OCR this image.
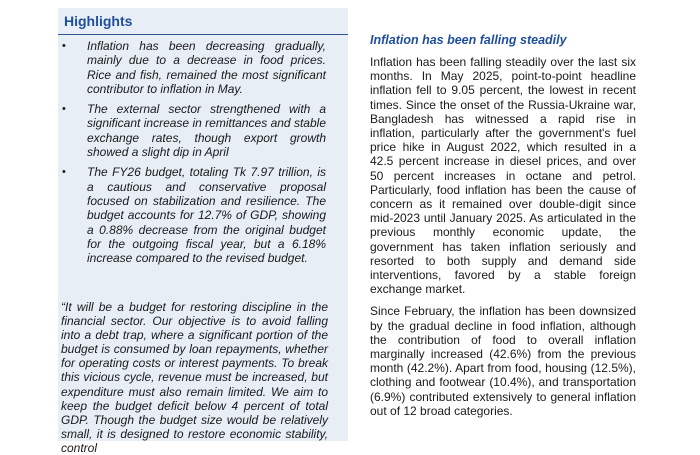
Highlights
• Inflation has been decreasing gradually, mainly due to a decrease in food prices. Rice and fish, remained the most significant contributor to inflation in May.
• The external sector strengthened with a significant increase in remittances and stable exchange rates, though export growth showed a slight dip in April
• The FY26 budget, totaling Tk 7.97 trillion, is a cautious and conservative proposal focused on stabilization and resilience. The budget accounts for 12.7% of GDP, showing a 0.88% decrease from the original budget for the outgoing fiscal year, but a 6.18% increase compared to the revised budget.

“It will be a budget for restoring discipline in the financial sector. Our objective is to avoid falling into a debt trap, where a significant portion of the budget is consumed by loan repayments, whether for operating costs or interest payments. To break this vicious cycle, revenue must be increased, but expenditure must also remain limited. We aim to keep the budget deficit below 4 percent of total GDP. Though the budget size would be relatively small, it is designed to restore economic stability, control

Inflation has been falling steadily

Inflation has been falling steadily over the last six months. In May 2025, point-to-point headline inflation fell to 9.05 percent, the lowest in recent times. Since the onset of the Russia-Ukraine war, Bangladesh has witnessed a rapid rise in inflation, particularly after the government's fuel price hike in August 2022, which resulted in a 42.5 percent increase in diesel prices, and over 50 percent increases in octane and petrol. Particularly, food inflation has been the cause of concern as it remained over double-digit since mid-2023 until January 2025. As articulated in the previous monthly economic update, the government has taken inflation seriously and resorted to both supply and demand side interventions, favored by a stable foreign exchange market.

Since February, the inflation has been downsized by the gradual decline in food inflation, although the contribution of food to overall inflation marginally increased (42.6%) from the previous month (42.2%). Apart from food, housing (12.5%), clothing and footwear (10.4%), and transportation (6.9%) contributed extensively to general inflation out of 12 broad categories.
